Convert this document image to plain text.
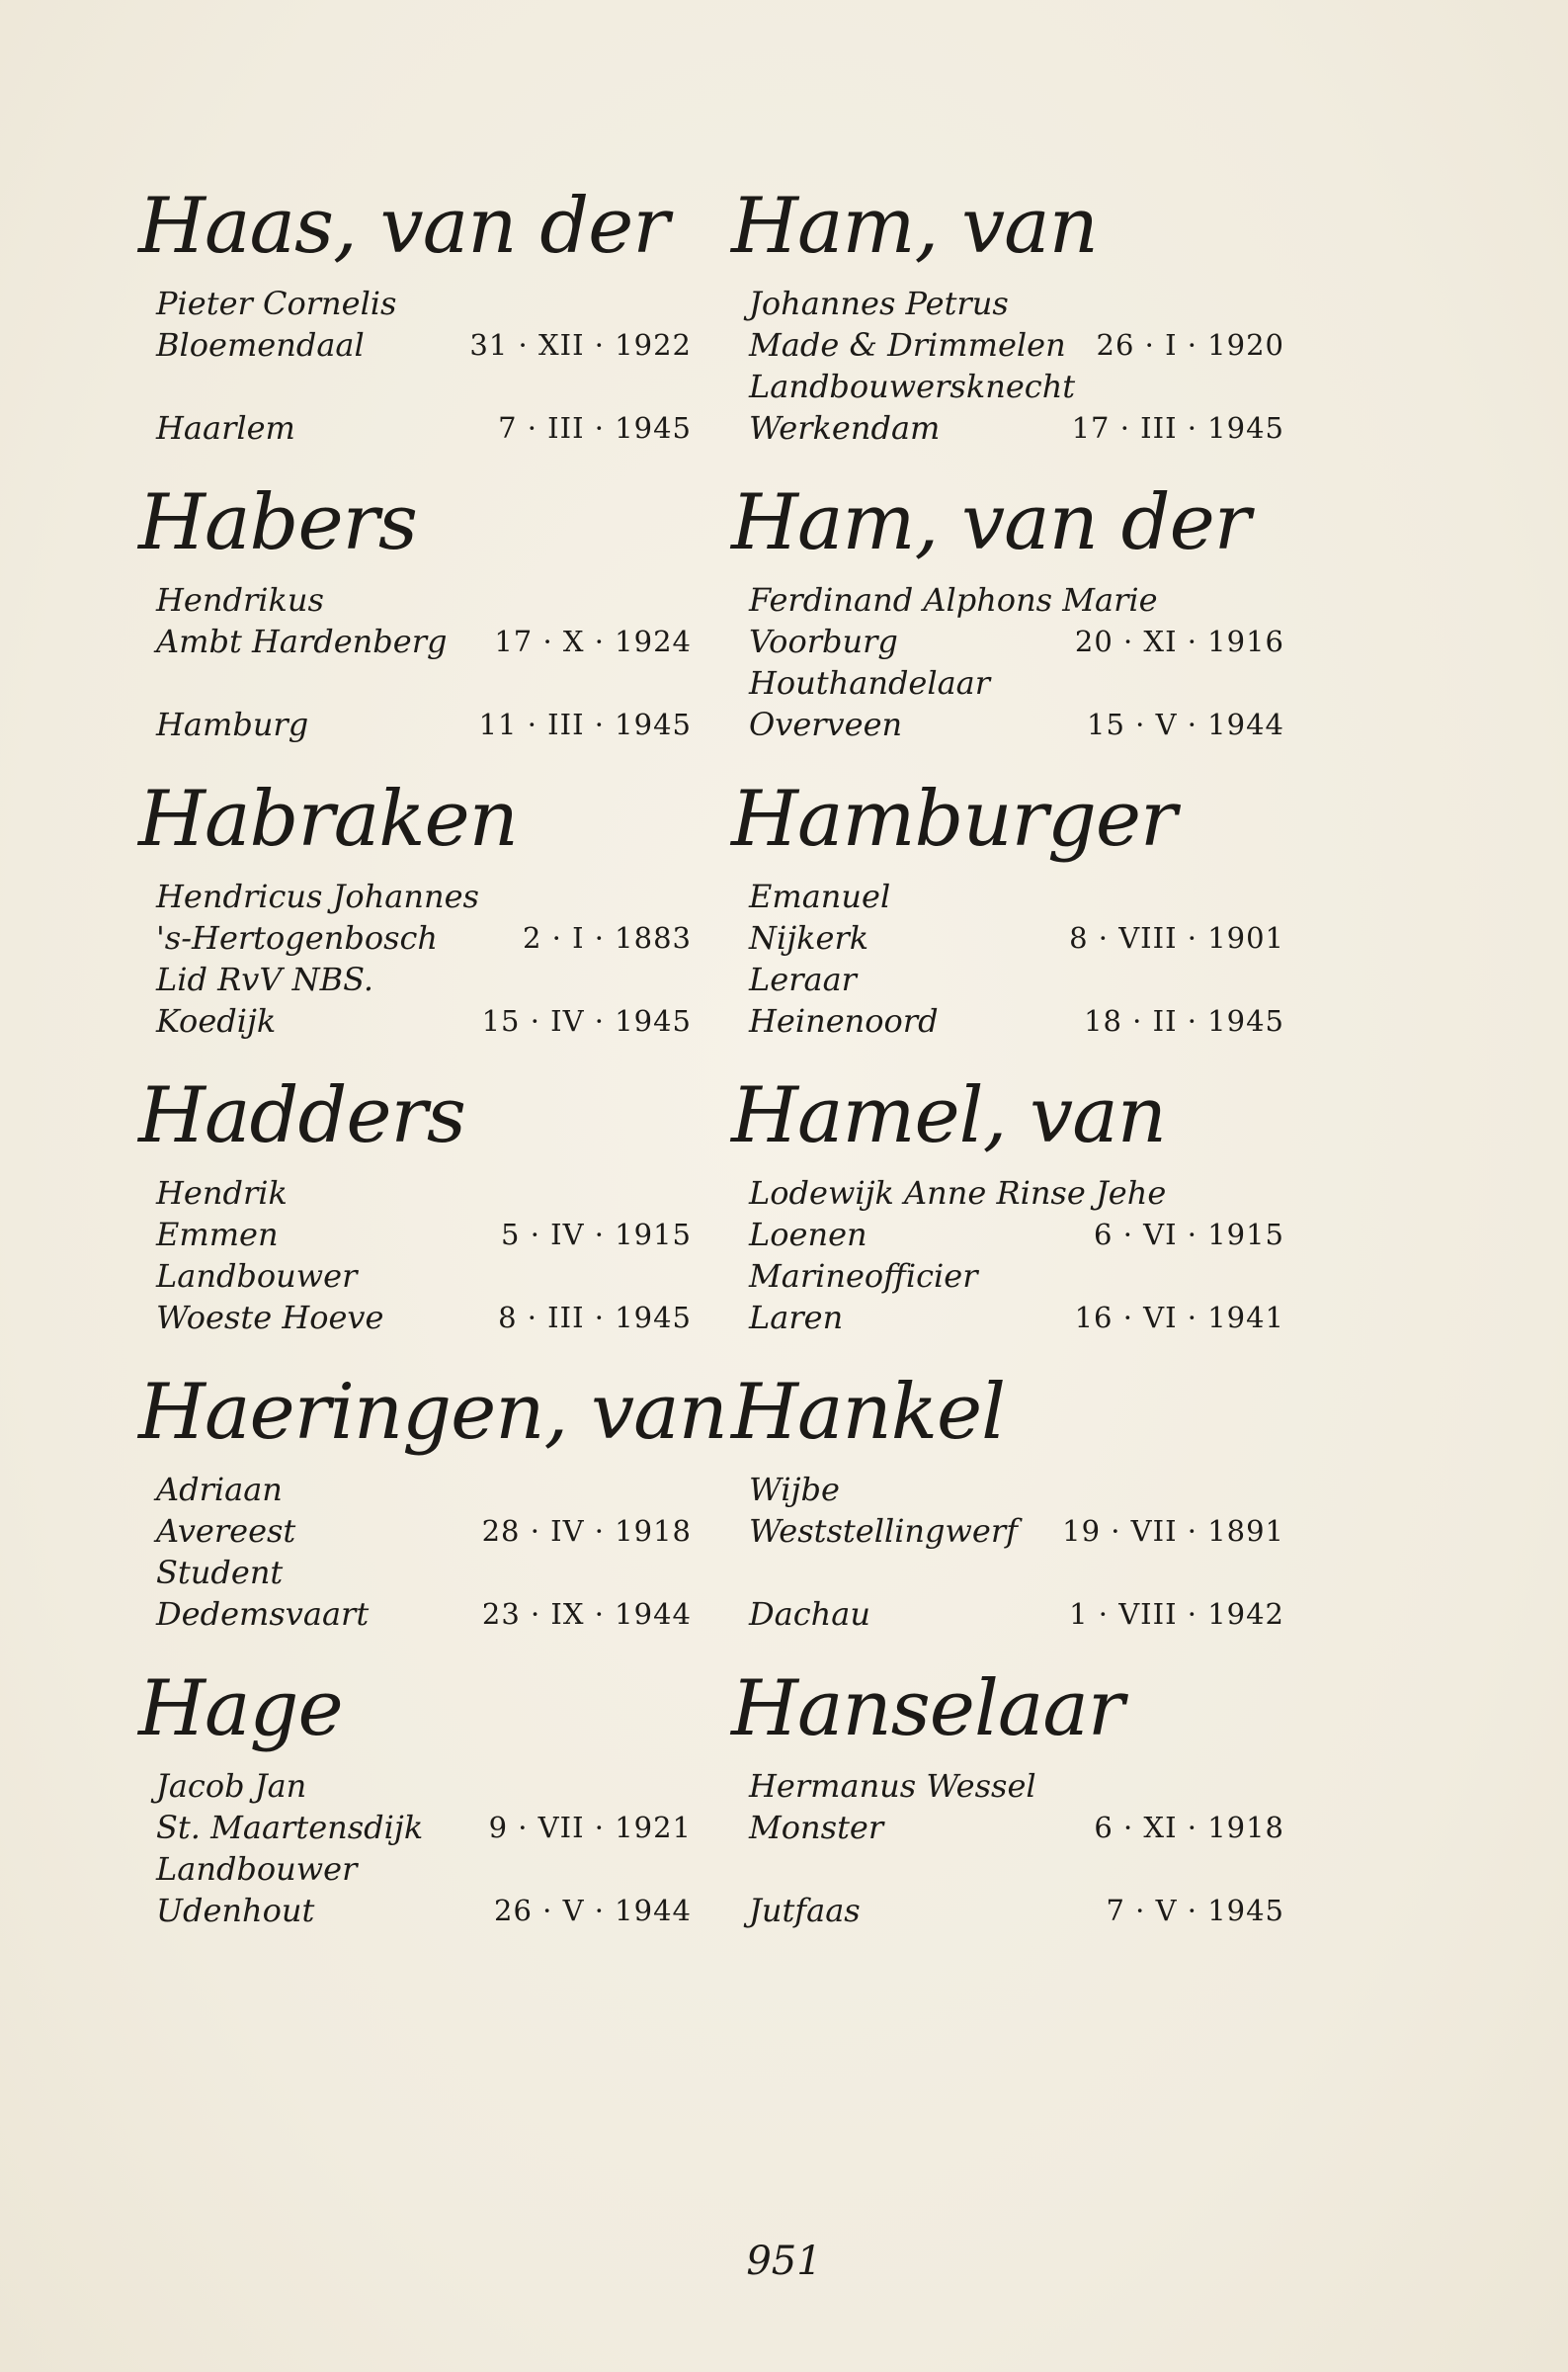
Haas, van der
Pieter Cornelis
Bloemendaal	31 · XII · 1922
Haarlem	7 · III · 1945
Habers
Hendrikus
Ambt Hardenberg 17 · X · 1924
Hamburg	11 · III · 1945
Habraken
Hendricus Johannes
's-Hertogenbosch	2 · I · 1883
Lid RvV NBS.
Koedijk	15 · IV · 1945
Hadders
Hendrik
Emmen	5 · IV · 1915
Landbouwer
Woeste Hoeve	8 · III · 1945
Haeringen, van
Adriaan
Avereest	28 · IV · 1918
Student
Dedemsvaart	23 · IX · 1944
Hage
Jacob Jan
St. Maartensdijk 9 · VII · 1921
Landbouwer
Udenhout	26 · V · 1944
Ham, van
Johannes Petrus
Made & Drimmelen 26 · I · 1920
Landbouwersknecht
Werkendam	17 · III · 1945
Ham, van der
Ferdinand Alphons Marie
Voorburg	20 · XI · 1916
Houthandelaar
Overveen	15 · V · 1944
Hamburger
Emanuel
Nijkerk	8 · VIII · 1901
Leraar
Heinenoord	18 · II · 1945
Hamel, van
Lodewijk Anne Rinse Jehe
Loenen	6 · VI · 1915
Marineofficier
Laren	16 · VI · 1941
Hankel
Wijbe
Weststellingwerf 19 · VII · 1891
Dachau	1 · VIII · 1942
Hanselaar
Hermanus Wessel
Monster	6 · XI · 1918
Jutfaas	7 · V · 1945
951
